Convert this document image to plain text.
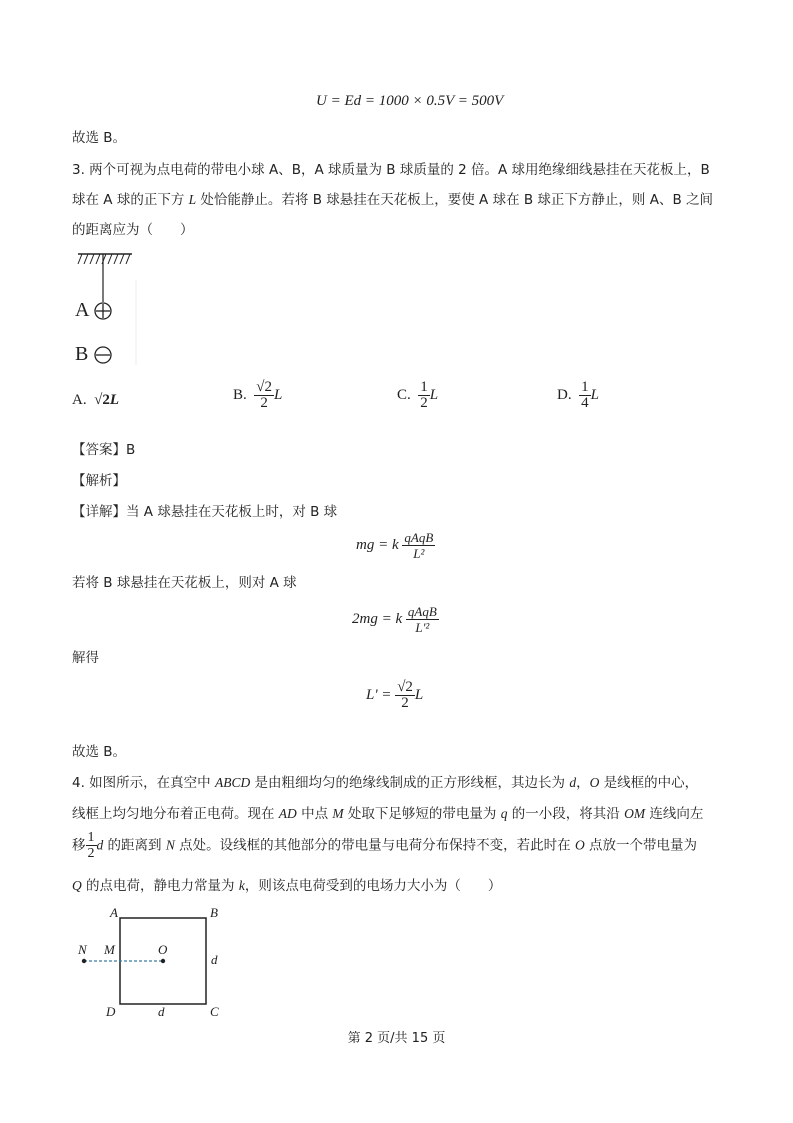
U = Ed = 1000 × 0.5V = 500V
故选 B。
3. 两个可视为点电荷的带电小球 A、B，A 球质量为 B 球质量的 2 倍。A 球用绝缘细线悬挂在天花板上，B
球在 A 球的正下方 L 处恰能静止。若将 B 球悬挂在天花板上，要使 A 球在 B 球正下方静止，则 A、B 之间
的距离应为（　　）
A
B
A. √2L	B. $\frac{√2}{2}$ L	C. $\frac{1}{2}$ L	D. $\frac{1}{4}$ L
【答案】B
【解析】
【详解】当 A 球悬挂在天花板上时，对 B 球
mg = k $\frac{\text{qAqB}}{\text{L²}}$
若将 B 球悬挂在天花板上，则对 A 球
2mg = k $\frac{\text{qAqB}}{\text{L'²}}$
解得
$L' = \frac{√2}{2}$ L
故选 B。
4. 如图所示，在真空中 ABCD 是由粗细均匀的绝缘线制成的正方形线框，其边长为 d，O 是线框的中心，
线框上均匀地分布着正电荷。现在 AD 中点 M 处取下足够短的带电量为 q 的一小段，将其沿 OM 连线向左
移 $\frac{1}{2}$ d 的距离到 N 点处。设线框的其他部分的带电量与电荷分布保持不变，若此时在 O 点放一个带电量为
Q 的点电荷，静电力常量为 k，则该点电荷受到的电场力大小为（　　）
A	B
C
D
N M	O
d
d
第 2 页/共 15 页
